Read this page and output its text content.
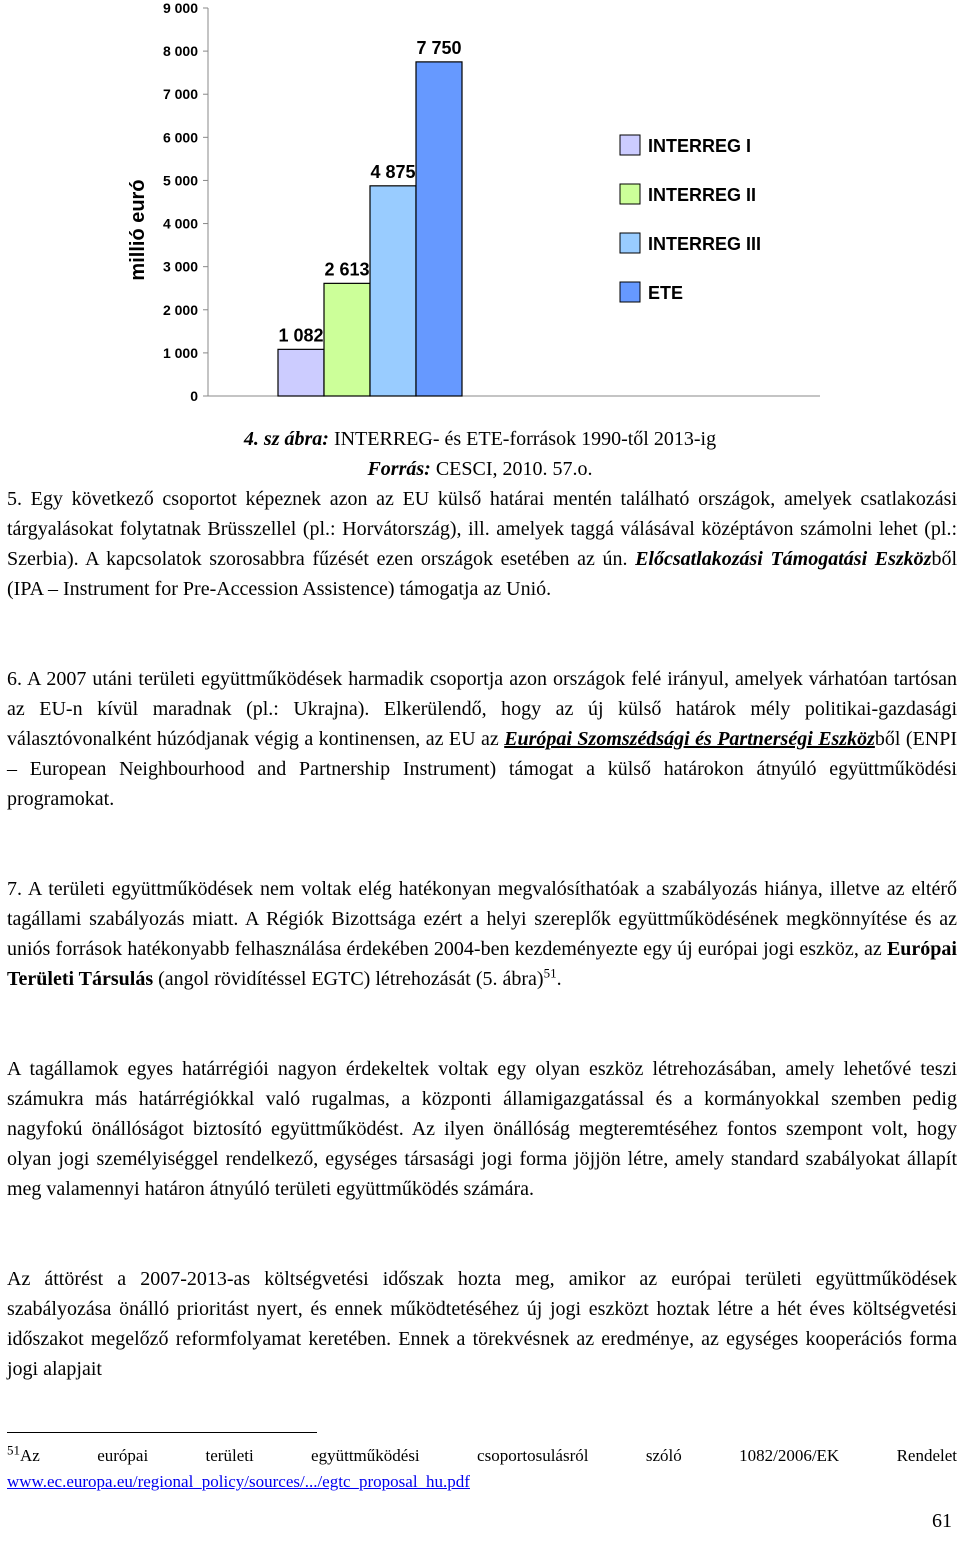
0
1 000
2 000
3 000
4 000
5 000
6 000
7 000
8 000
9 000
millió euró
1 082
2 613
4 875
7 750
INTERREG I
INTERREG II
INTERREG III
ETE
4. sz ábra: INTERREG- és ETE-források 1990-től 2013-ig
Forrás: CESCI, 2010. 57.o.

5. Egy következő csoportot képeznek azon az EU külső határai mentén található országok, amelyek csatlakozási tárgyalásokat folytatnak Brüsszellel (pl.: Horvátország), ill. amelyek taggá válásával középtávon számolni lehet (pl.: Szerbia). A kapcsolatok szorosabbra fűzését ezen országok esetében az ún. Előcsatlakozási Támogatási Eszközből (IPA – Instrument for Pre-Accession Assistence) támogatja az Unió.

6. A 2007 utáni területi együttműködések harmadik csoportja azon országok felé irányul, amelyek várhatóan tartósan az EU-n kívül maradnak (pl.: Ukrajna). Elkerülendő, hogy az új külső határok mély politikai-gazdasági választóvonalként húzódjanak végig a kontinensen, az EU az Európai Szomszédsági és Partnerségi Eszközből (ENPI – European Neighbourhood and Partnership Instrument) támogat a külső határokon átnyúló együttműködési programokat.

7. A területi együttműködések nem voltak elég hatékonyan megvalósíthatóak a szabályozás hiánya, illetve az eltérő tagállami szabályozás miatt. A Régiók Bizottsága ezért a helyi szereplők együttműködésének megkönnyítése és az uniós források hatékonyabb felhasználása érdekében 2004-ben kezdeményezte egy új európai jogi eszköz, az Európai Területi Társulás (angol rövidítéssel EGTC) létrehozását (5. ábra)$^{51}$.

A tagállamok egyes határrégiói nagyon érdekeltek voltak egy olyan eszköz létrehozásában, amely lehetővé teszi számukra más határrégiókkal való rugalmas, a központi államigazgatással és a kormányokkal szemben pedig nagyfokú önállóságot biztosító együttműködést. Az ilyen önállóság megteremtéséhez fontos szempont volt, hogy olyan jogi személyiséggel rendelkező, egységes társasági jogi forma jöjjön létre, amely standard szabályokat állapít meg valamennyi határon átnyúló területi együttműködés számára.

Az áttörést a 2007-2013-as költségvetési időszak hozta meg, amikor az európai területi együttműködések szabályozása önálló prioritást nyert, és ennek működtetéséhez új jogi eszközt hoztak létre a hét éves költségvetési időszakot megelőző reformfolyamat keretében. Ennek a törekvésnek az eredménye, az egységes kooperációs forma jogi alapjait

$^{51}$Az európai területi együttműködési csoportosulásról szóló 1082/2006/EK Rendelet
www.ec.europa.eu/regional_policy/sources/.../egtc_proposal_hu.pdf
61
